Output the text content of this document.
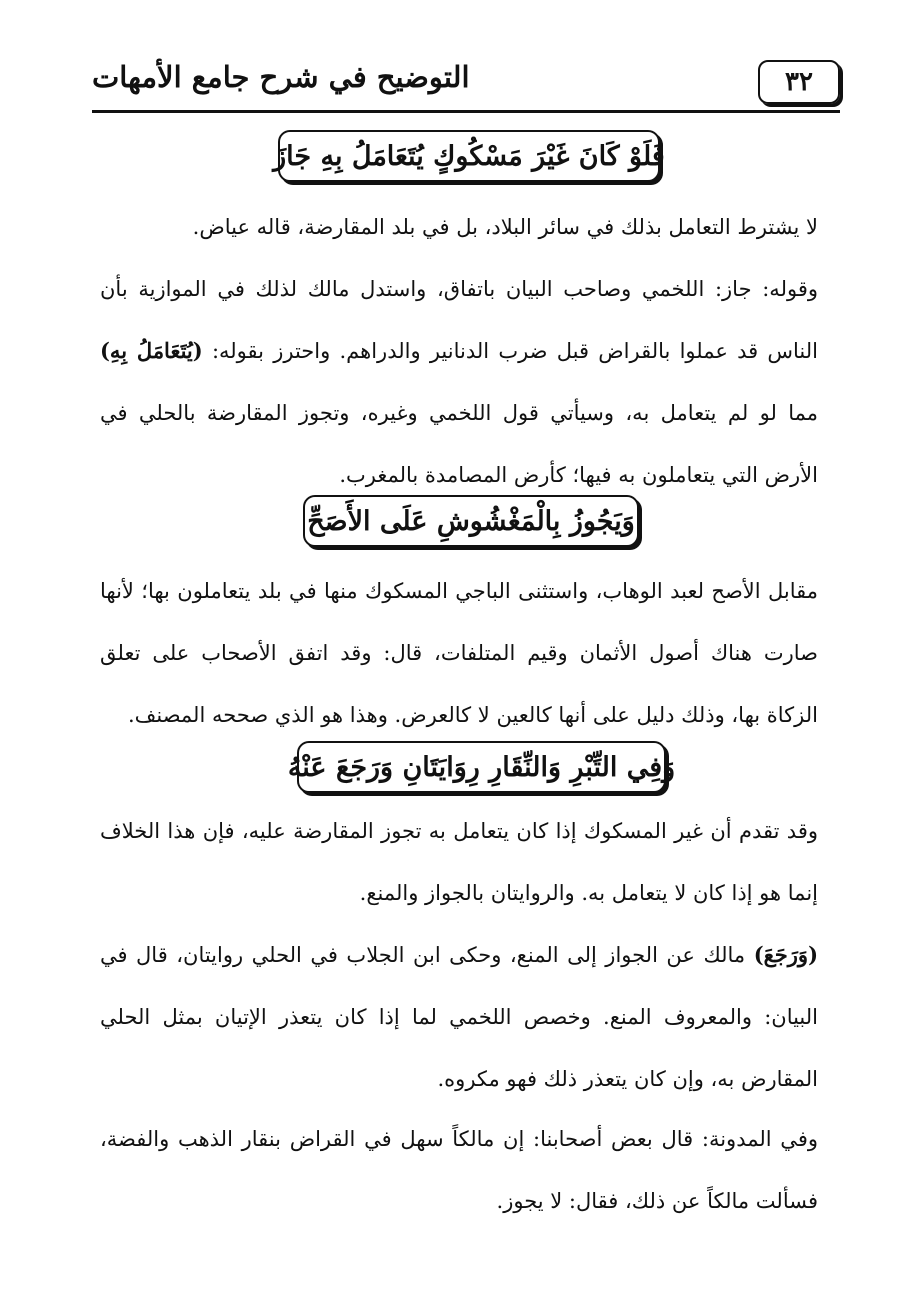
٣٢
التوضيح في شرح جامع الأمهات
فَلَوْ كَانَ غَيْرَ مَسْكُوكٍ يُتَعَامَلُ بِهِ جَازَ
لا يشترط التعامل بذلك في سائر البلاد، بل في بلد المقارضة، قاله عياض.
وقوله: جاز: اللخمي وصاحب البيان باتفاق، واستدل مالك لذلك في الموازية بأن الناس قد عملوا بالقراض قبل ضرب الدنانير والدراهم. واحترز بقوله: (يُتَعَامَلُ بِهِ) مما لو لم يتعامل به، وسيأتي قول اللخمي وغيره، وتجوز المقارضة بالحلي في الأرض التي يتعاملون به فيها؛ كأرض المصامدة بالمغرب.
وَيَجُوزُ بِالْمَغْشُوشِ عَلَى الأَصَحِّ
مقابل الأصح لعبد الوهاب، واستثنى الباجي المسكوك منها في بلد يتعاملون بها؛ لأنها صارت هناك أصول الأثمان وقيم المتلفات، قال: وقد اتفق الأصحاب على تعلق الزكاة بها، وذلك دليل على أنها كالعين لا كالعرض. وهذا هو الذي صححه المصنف.
وَفِي التِّبْرِ وَالنِّقَارِ رِوَايَتَانِ وَرَجَعَ عَنْهُ
وقد تقدم أن غير المسكوك إذا كان يتعامل به تجوز المقارضة عليه، فإن هذا الخلاف إنما هو إذا كان لا يتعامل به. والروايتان بالجواز والمنع.
(وَرَجَعَ) مالك عن الجواز إلى المنع، وحكى ابن الجلاب في الحلي روايتان، قال في البيان: والمعروف المنع. وخصص اللخمي لما إذا كان يتعذر الإتيان بمثل الحلي المقارض به، وإن كان يتعذر ذلك فهو مكروه.
وفي المدونة: قال بعض أصحابنا: إن مالكاً سهل في القراض بنقار الذهب والفضة، فسألت مالكاً عن ذلك، فقال: لا يجوز.
